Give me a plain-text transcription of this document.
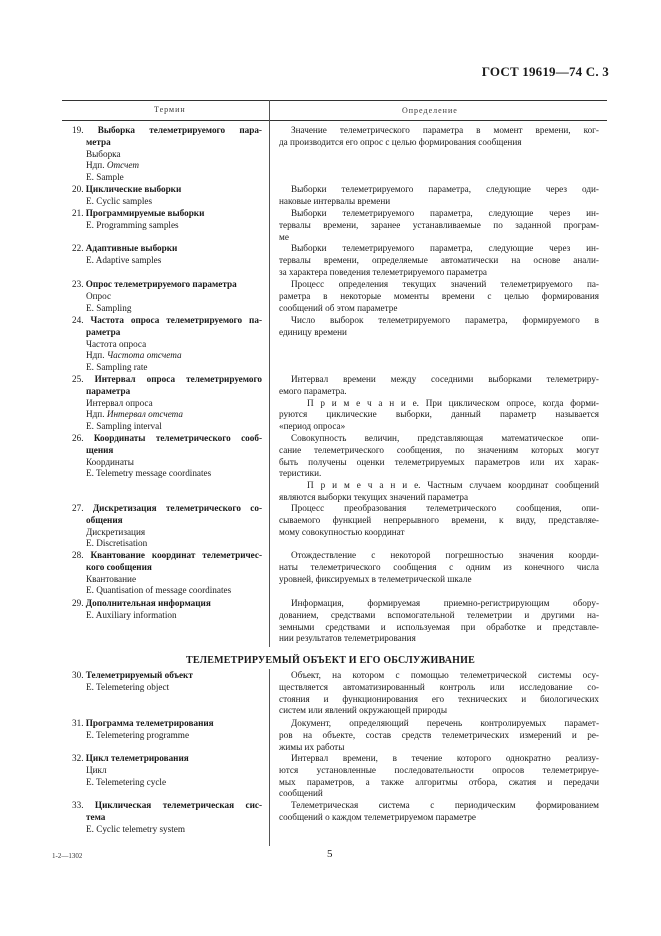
ГОСТ 19619—74 С. 3
Термин	Определение
19. Выборка телеметрируемого пара-
метра
Выборка
Ндп. Отсчет
E. Sample
Значение телеметрического параметра в момент времени, ког-
да производится его опрос с целью формирования сообщения
20. Циклические выборки
E. Cyclic samples
Выборки телеметрируемого параметра, следующие через оди-
наковые интервалы времени
21. Программируемые выборки
E. Programming samples
Выборки телеметрируемого параметра, следующие через ин-
тервалы времени, заранее устанавливаемые по заданной програм-
ме
22. Адаптивные выборки
E. Adaptive samples
Выборки телеметрируемого параметра, следующие через ин-
тервалы времени, определяемые автоматически на основе анали-
за характера поведения телеметрируемого параметра
23. Опрос телеметрируемого параметра
Опрос
E. Sampling
Процесс определения текущих значений телеметрируемого па-
раметра в некоторые моменты времени с целью формирования
сообщений об этом параметре
24. Частота опроса телеметрируемого па-
раметра
Частота опроса
Ндп. Частота отсчета
E. Sampling rate
Число выборок телеметрируемого параметра, формируемого в
единицу времени
25. Интервал опроса телеметрируемого
параметра
Интервал опроса
Ндп. Интервал отсчета
E. Sampling interval
Интервал времени между соседними выборками телеметриру-
емого параметра.
П р и м е ч а н и е. При циклическом опросе, когда форми-
руются циклические выборки, данный параметр называется
«период опроса»
26. Координаты телеметрического сооб-
щения
Координаты
E. Telemetry message coordinates
Совокупность величин, представляющая математическое опи-
сание телеметрического сообщения, по значениям которых могут
быть получены оценки телеметрируемых параметров или их харак-
теристики.
П р и м е ч а н и е. Частным случаем координат сообщений
являются выборки текущих значений параметра
27. Дискретизация телеметрического со-
общения
Дискретизация
E. Discretisation
Процесс преобразования телеметрического сообщения, опи-
сываемого функцией непрерывного времени, к виду, представляе-
мому совокупностью координат
28. Квантование координат телеметричес-
кого сообщения
Квантование
E. Quantisation of message coordinates
Отождествление с некоторой погрешностью значения коорди-
наты телеметрического сообщения с одним из конечного числа
уровней, фиксируемых в телеметрической шкале
29. Дополнительная информация
E. Auxiliary information
Информация, формируемая приемно-регистрирующим обору-
дованием, средствами вспомогательной телеметрии и другими на-
земными средствами и используемая при обработке и представле-
нии результатов телеметрирования
30. Телеметрируемый объект
E. Telemetering object
Объект, на котором с помощью телеметрической системы осу-
ществляется автоматизированный контроль или исследование со-
стояния и функционирования его технических и биологических
систем или явлений окружающей природы
31. Программа телеметрирования
E. Telemetering programme
Документ, определяющий перечень контролируемых парамет-
ров на объекте, состав средств телеметрических измерений и ре-
жимы их работы
32. Цикл телеметрирования
Цикл
E. Telemetering cycle
Интервал времени, в течение которого однократно реализу-
ются установленные последовательности опросов телеметрируе-
мых параметров, а также алгоритмы отбора, сжатия и передачи
сообщений
33. Циклическая телеметрическая сис-
тема
E. Cyclic telemetry system
Телеметрическая система с периодическим формированием
сообщений о каждом телеметрируемом параметре
ТЕЛЕМЕТРИРУЕМЫЙ ОБЪЕКТ И ЕГО ОБСЛУЖИВАНИЕ
1-2—1302	5
